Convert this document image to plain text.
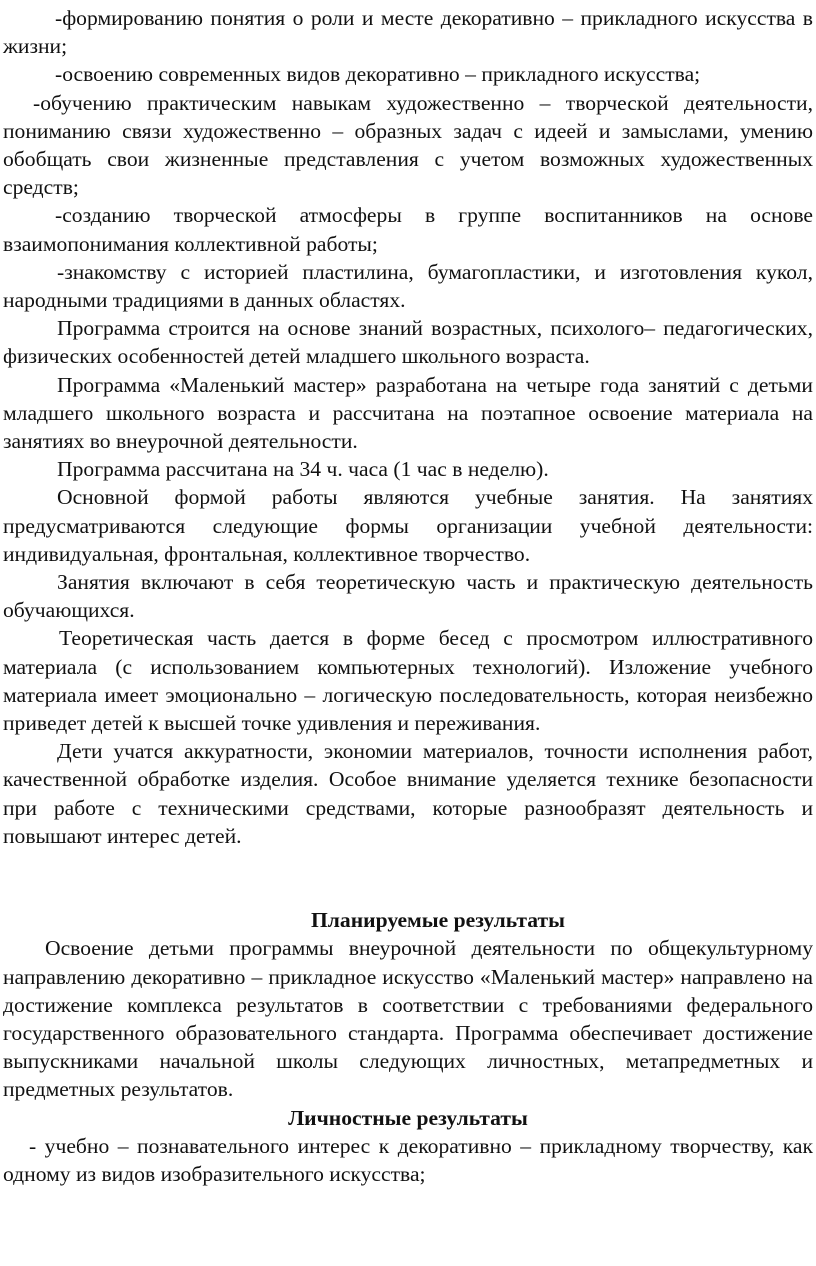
-формированию понятия о роли и месте декоративно – прикладного искусства в жизни;

-освоению современных видов декоративно – прикладного искусства;

-обучению практическим навыкам художественно – творческой деятельности, пониманию связи художественно – образных задач с идеей и замыслами, умению обобщать свои жизненные представления с учетом возможных художественных средств;

-созданию творческой атмосферы в группе воспитанников на основе взаимопонимания коллективной работы;

-знакомству с историей пластилина, бумагопластики, и изготовления кукол, народными традициями в данных областях.

Программа строится на основе знаний возрастных, психолого– педагогических, физических особенностей детей младшего школьного возраста.

Программа «Маленький мастер» разработана на четыре года занятий с детьми младшего школьного возраста и рассчитана на поэтапное освоение материала на занятиях во внеурочной деятельности.

Программа рассчитана на 34 ч. часа (1 час в неделю).

Основной формой работы являются учебные занятия. На занятиях предусматриваются следующие формы организации учебной деятельности: индивидуальная, фронтальная, коллективное творчество.

Занятия включают в себя теоретическую часть и практическую деятельность обучающихся.

Теоретическая часть дается в форме бесед с просмотром иллюстративного материала (с использованием компьютерных технологий). Изложение учебного материала имеет эмоционально – логическую последовательность, которая неизбежно приведет детей к высшей точке удивления и переживания.

Дети учатся аккуратности, экономии материалов, точности исполнения работ, качественной обработке изделия. Особое внимание уделяется технике безопасности при работе с техническими средствами, которые разнообразят деятельность и повышают интерес детей.

Планируемые результаты

Освоение детьми программы внеурочной деятельности по общекультурному направлению декоративно – прикладное искусство «Маленький мастер» направлено на достижение комплекса результатов в соответствии с требованиями федерального государственного образовательного стандарта. Программа обеспечивает достижение выпускниками начальной школы следующих личностных, метапредметных и предметных результатов.

Личностные результаты

- учебно – познавательного интерес к декоративно – прикладному творчеству, как одному из видов изобразительного искусства;
